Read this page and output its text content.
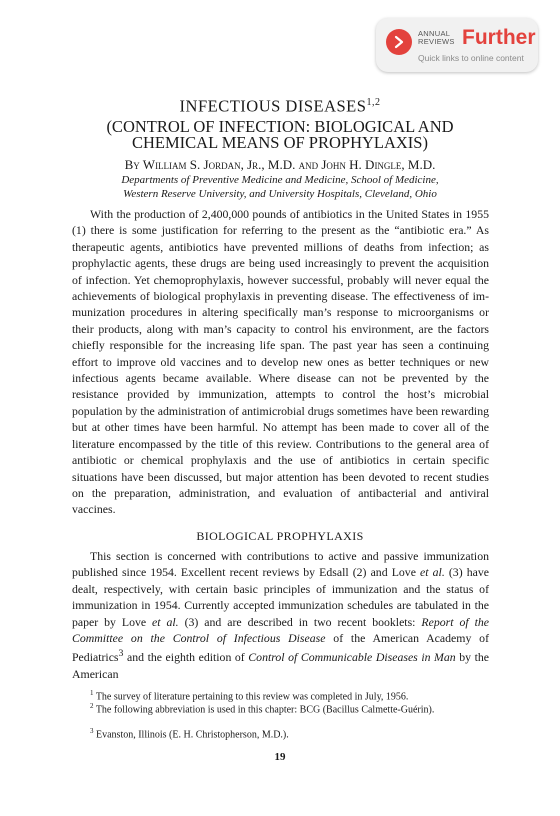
ANNUAL
REVIEWS Further
Quick links to online content
INFECTIOUS DISEASES$^{1,2}$
(CONTROL OF INFECTION: BIOLOGICAL AND
CHEMICAL MEANS OF PROPHYLAXIS)
By William S. Jordan, Jr., M.D. and John H. Dingle, M.D.
Departments of Preventive Medicine and Medicine, School of Medicine,
Western Reserve University, and University Hospitals, Cleveland, Ohio

With the production of 2,400,000 pounds of antibiotics in the United States in 1955 (1) there is some justification for referring to the present as the “antibiotic era.” As therapeutic agents, antibiotics have prevented millions of deaths from infection; as prophylactic agents, these drugs are being used increasingly to prevent the acquisition of infection. Yet chemoprophylaxis, however successful, probably will never equal the achievements of biological prophylaxis in preventing disease. The effectiveness of immunization procedures in altering specifically man’s response to microorganisms or their products, along with man’s capacity to control his environment, are the factors chiefly responsible for the increasing life span. The past year has seen a continuing effort to improve old vaccines and to develop new ones as better techniques or new infectious agents became available. Where disease can not be prevented by the resistance provided by immunization, attempts to control the host’s microbial population by the administration of antimicrobial drugs sometimes have been rewarding but at other times have been harmful. No attempt has been made to cover all of the literature encompassed by the title of this review. Contributions to the general area of antibiotic or chemical prophylaxis and the use of antibiotics in certain specific situations have been discussed, but major attention has been devoted to recent studies on the preparation, administration, and evaluation of antibacterial and antiviral vaccines.

BIOLOGICAL PROPHYLAXIS

This section is concerned with contributions to active and passive immunization published since 1954. Excellent recent reviews by Edsall (2) and Love et al. (3) have dealt, respectively, with certain basic principles of immunization and the status of immunization in 1954. Currently accepted immunization schedules are tabulated in the paper by Love et al. (3) and are described in two recent booklets: Report of the Committee on the Control of Infectious Disease of the American Academy of Pediatrics$^3$ and the eighth edition of Control of Communicable Diseases in Man by the American

$^1$ The survey of literature pertaining to this review was completed in July, 1956.

$^2$ The following abbreviation is used in this chapter: BCG (Bacillus Calmette-Guérin).

$^3$ Evanston, Illinois (E. H. Christopherson, M.D.).

19
